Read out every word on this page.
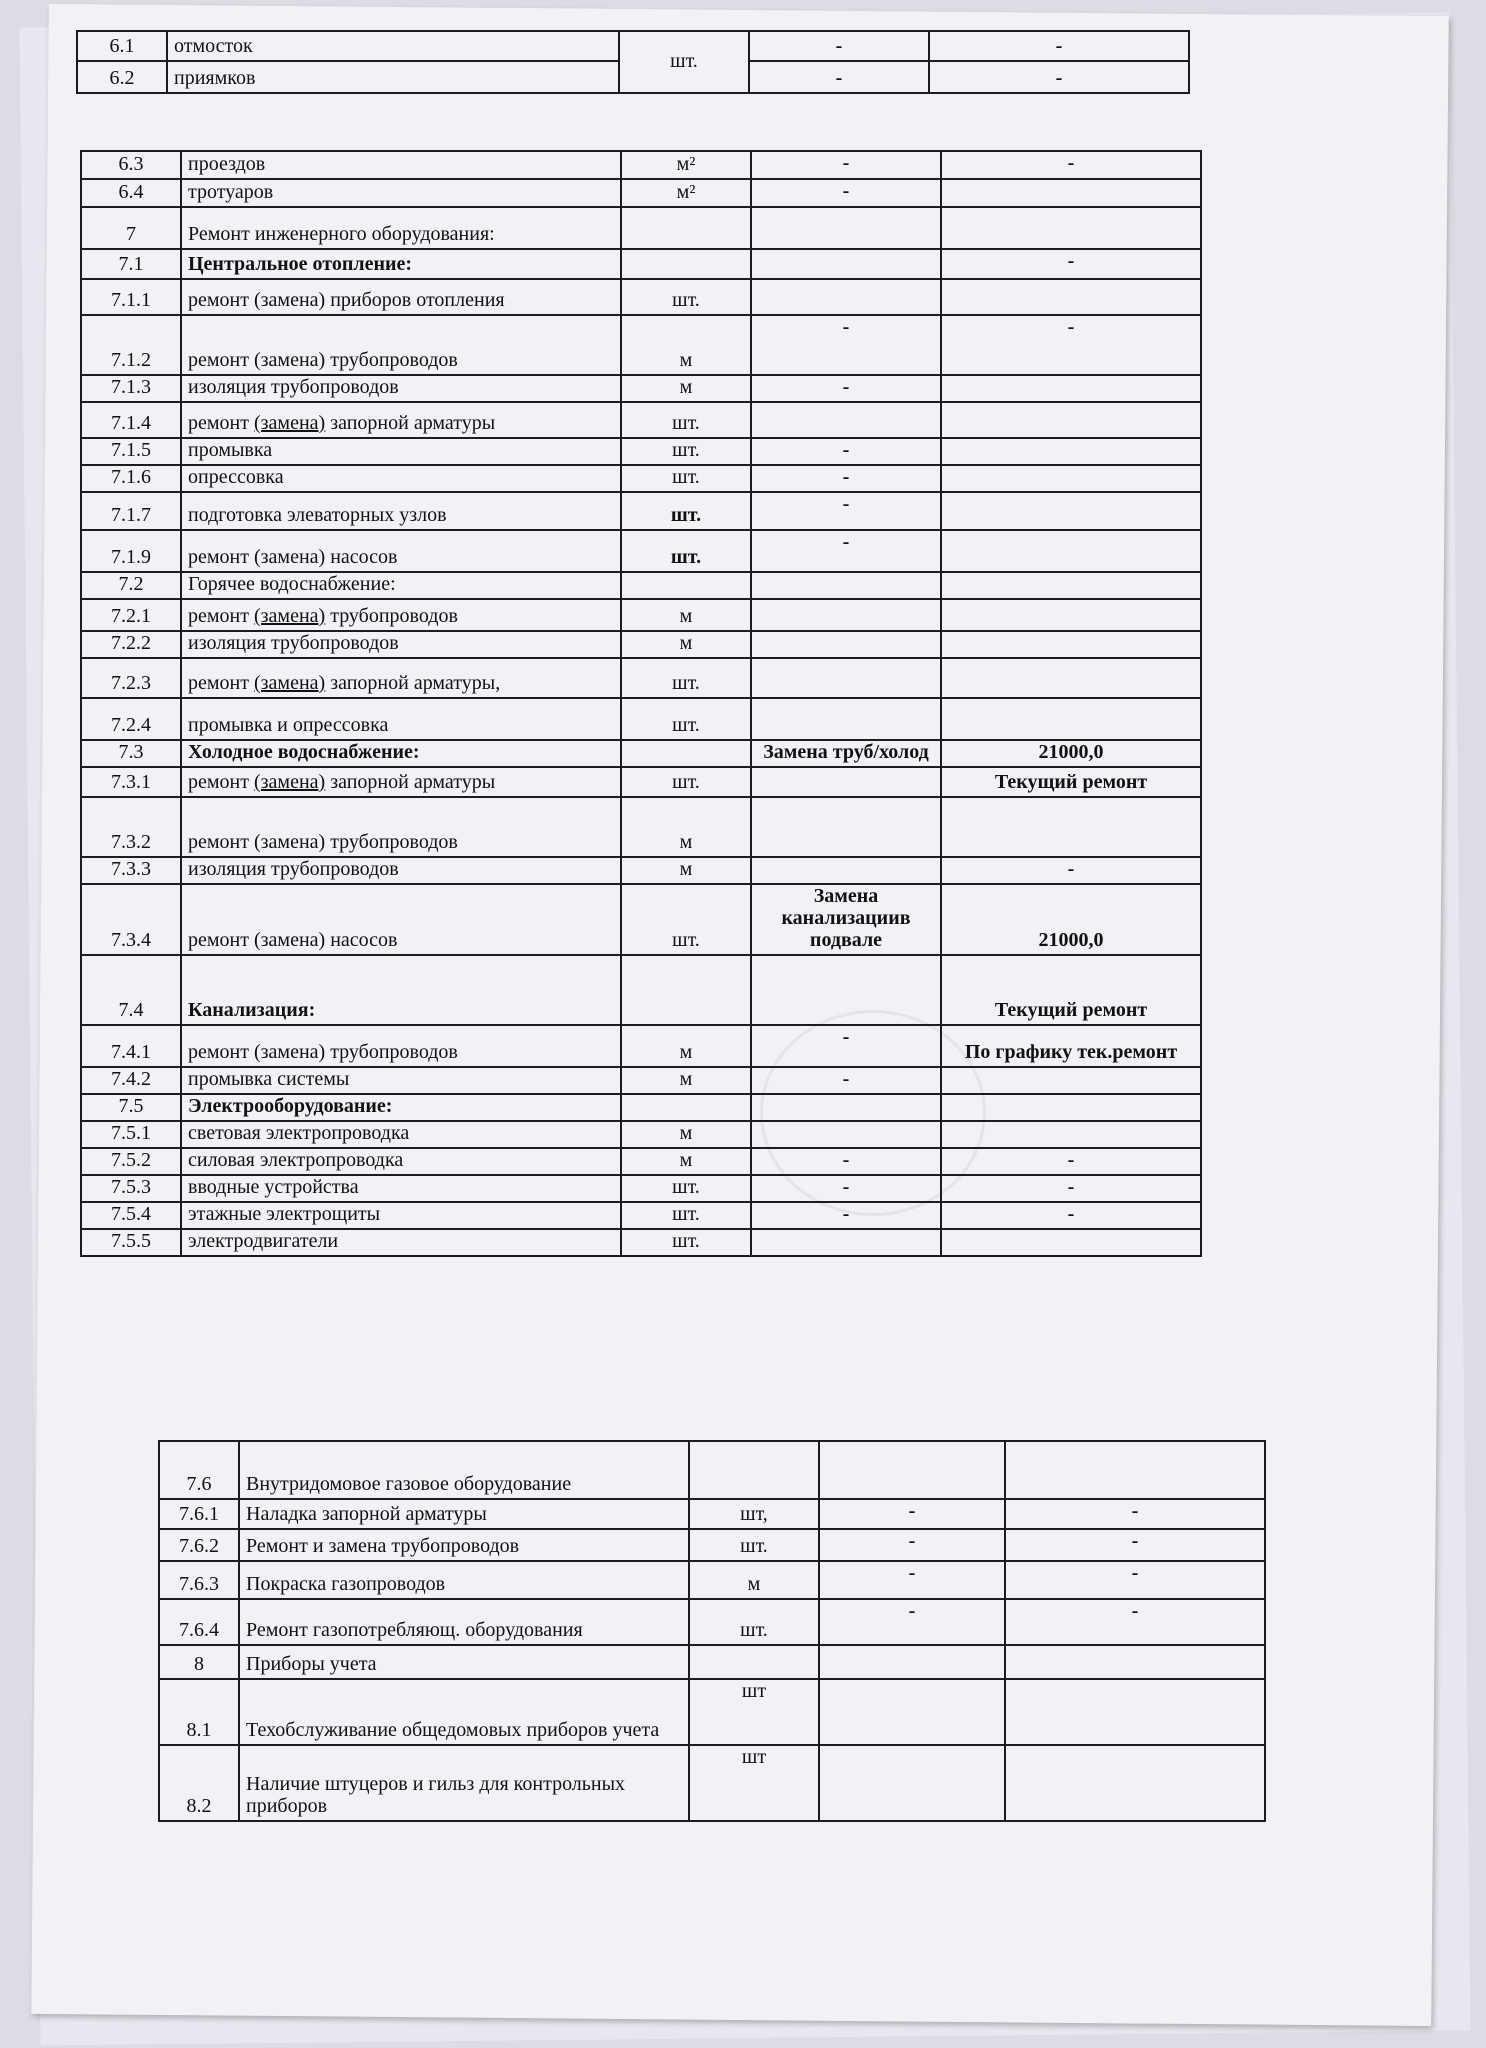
6.1	отмосток	шт.	-	-
6.2	приямков		-	-
6.3	проездов	м²	-	-
6.4	тротуаров	м²	-	
7	Ремонт инженерного оборудования:			
7.1	Центральное отопление:			-
7.1.1	ремонт (замена) приборов отопления	шт.		
7.1.2	ремонт (замена) трубопроводов	м	-	-
7.1.3	изоляция трубопроводов	м	-	
7.1.4	ремонт (замена) запорной арматуры	шт.		
7.1.5	промывка	шт.	-	
7.1.6	опрессовка	шт.	-	
7.1.7	подготовка элеваторных узлов	шт.	-	
7.1.9	ремонт (замена) насосов	шт.	-	
7.2	Горячее водоснабжение:			
7.2.1	ремонт (замена) трубопроводов	м		
7.2.2	изоляция трубопроводов	м		
7.2.3	ремонт (замена) запорной арматуры,	шт.		
7.2.4	промывка и опрессовка	шт.		
7.3	Холодное водоснабжение:		Замена труб/холод	21000,0
7.3.1	ремонт (замена) запорной арматуры	шт.		Текущий ремонт
7.3.2	ремонт (замена) трубопроводов	м		
7.3.3	изоляция трубопроводов	м		-
7.3.4	ремонт (замена) насосов	шт.	Замена канализациив подвале	21000,0
7.4	Канализация:			Текущий ремонт
7.4.1	ремонт (замена) трубопроводов	м	-	По графику тек.ремонт
7.4.2	промывка системы	м	-	
7.5	Электрооборудование:			
7.5.1	световая электропроводка	м		
7.5.2	силовая электропроводка	м	-	-
7.5.3	вводные устройства	шт.	-	-
7.5.4	этажные электрощиты	шт.	-	-
7.5.5	электродвигатели	шт.		
7.6	Внутридомовое газовое оборудование			
7.6.1	Наладка запорной арматуры	шт,	-	-
7.6.2	Ремонт и замена трубопроводов	шт.	-	-
7.6.3	Покраска газопроводов	м	-	-
7.6.4	Ремонт газопотребляющ. оборудования	шт.	-	-
8	Приборы учета			
8.1	Техобслуживание общедомовых приборов учета	шт		
8.2	Наличие штуцеров и гильз для контрольных приборов	шт		
